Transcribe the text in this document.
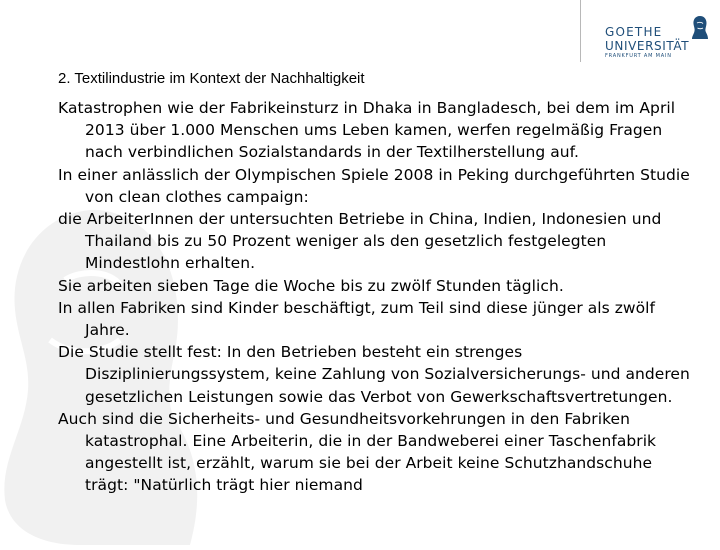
GOETHE
UNIVERSITÄT
FRANKFURT AM MAIN
2. Textilindustrie im Kontext der Nachhaltigkeit

Katastrophen wie der Fabrikeinsturz in Dhaka in Bangladesch, bei dem im April 2013 über 1.000 Menschen ums Leben kamen, werfen regelmäßig Fragen nach verbindlichen Sozialstandards in der Textilherstellung auf.

In einer anlässlich der Olympischen Spiele 2008 in Peking durchgeführten Studie von clean clothes campaign:

die ArbeiterInnen der untersuchten Betriebe in China, Indien, Indonesien und Thailand bis zu 50 Prozent weniger als den gesetzlich festgelegten Mindestlohn erhalten.

Sie arbeiten sieben Tage die Woche bis zu zwölf Stunden täglich.

In allen Fabriken sind Kinder beschäftigt, zum Teil sind diese jünger als zwölf Jahre.

Die Studie stellt fest: In den Betrieben besteht ein strenges Disziplinierungssystem, keine Zahlung von Sozialversicherungs- und anderen gesetzlichen Leistungen sowie das Verbot von Gewerkschaftsvertretungen.

Auch sind die Sicherheits- und Gesundheitsvorkehrungen in den Fabriken katastrophal. Eine Arbeiterin, die in der Bandweberei einer Taschenfabrik angestellt ist, erzählt, warum sie bei der Arbeit keine Schutzhandschuhe trägt: "Natürlich trägt hier niemand
